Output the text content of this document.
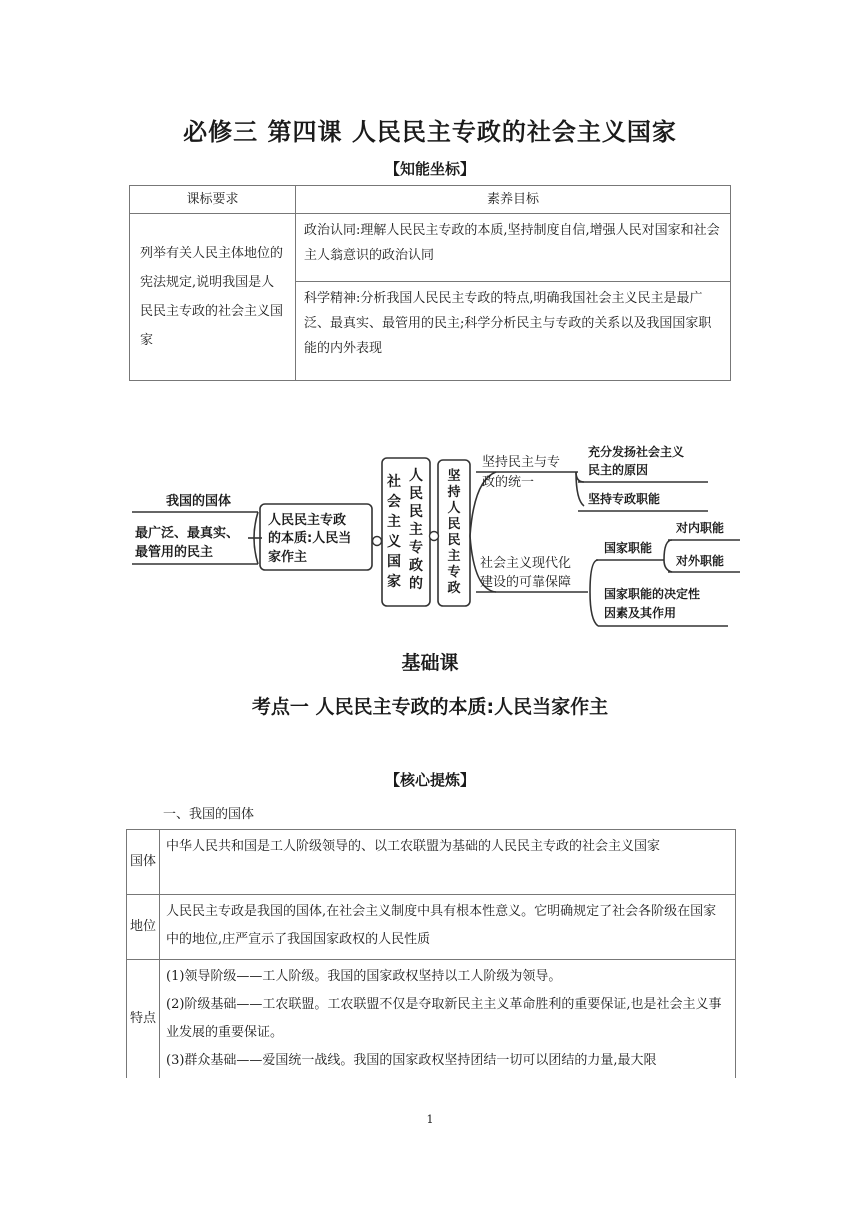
必修三 第四课 人民民主专政的社会主义国家
【知能坐标】
课标要求	素养目标
列举有关人民主体地位的宪法规定,说明我国是人民民主专政的社会主义国家	政治认同:理解人民民主专政的本质,坚持制度自信,增强人民对国家和社会主人翁意识的政治认同
	科学精神:分析我国人民民主专政的特点,明确我国社会主义民主是最广泛、最真实、最管用的民主;科学分析民主与专政的关系以及我国国家职能的内外表现
我国的国体
最广泛、最真实、
最管用的民主
人民民主专政
的本质:人民当
家作主
社
会
主
义
国
家
人
民
民
主
专
政
的
坚
持
人
民
民
主
专
政
坚持民主与专
政的统一
社会主义现代化
建设的可靠保障
充分发扬社会主义
民主的原因
坚持专政职能
国家职能
对内职能
对外职能
国家职能的决定性
因素及其作用
基础课
考点一 人民民主专政的本质:人民当家作主
【核心提炼】
一、我国的国体
国体	中华人民共和国是工人阶级领导的、以工农联盟为基础的人民民主专政的社会主义国家
地位	人民民主专政是我国的国体,在社会主义制度中具有根本性意义。它明确规定了社会各阶级在国家中的地位,庄严宣示了我国国家政权的人民性质
特点	(1)领导阶级——工人阶级。我国的国家政权坚持以工人阶级为领导。

(2)阶级基础——工农联盟。工农联盟不仅是夺取新民主主义革命胜利的重要保证,也是社会主义事业发展的重要保证。

(3)群众基础——爱国统一战线。我国的国家政权坚持团结一切可以团结的力量,最大限

1
